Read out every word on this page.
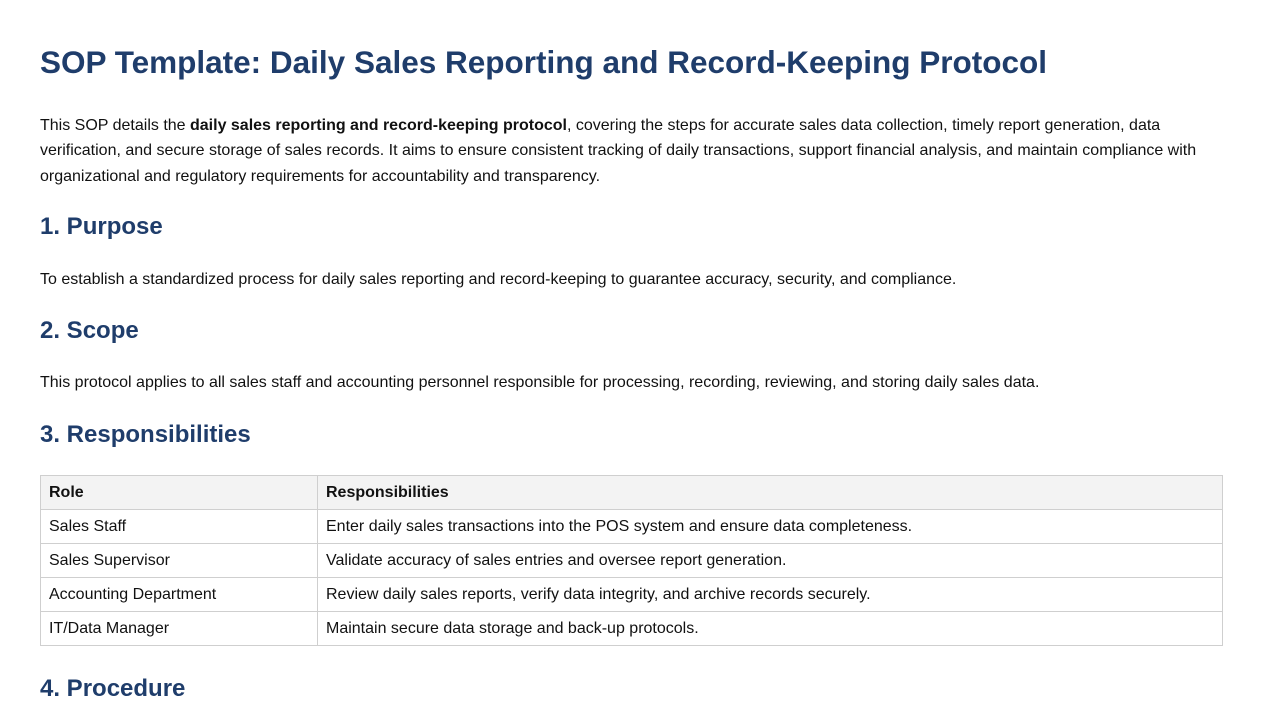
SOP Template: Daily Sales Reporting and Record-Keeping Protocol

This SOP details the daily sales reporting and record-keeping protocol, covering the steps for accurate sales data collection, timely report generation, data verification, and secure storage of sales records. It aims to ensure consistent tracking of daily transactions, support financial analysis, and maintain compliance with organizational and regulatory requirements for accountability and transparency.

1. Purpose

To establish a standardized process for daily sales reporting and record-keeping to guarantee accuracy, security, and compliance.

2. Scope

This protocol applies to all sales staff and accounting personnel responsible for processing, recording, reviewing, and storing daily sales data.

3. Responsibilities
Role	Responsibilities
Sales Staff	Enter daily sales transactions into the POS system and ensure data completeness.
Sales Supervisor	Validate accuracy of sales entries and oversee report generation.
Accounting Department	Review daily sales reports, verify data integrity, and archive records securely.
IT/Data Manager	Maintain secure data storage and back-up protocols.
4. Procedure
